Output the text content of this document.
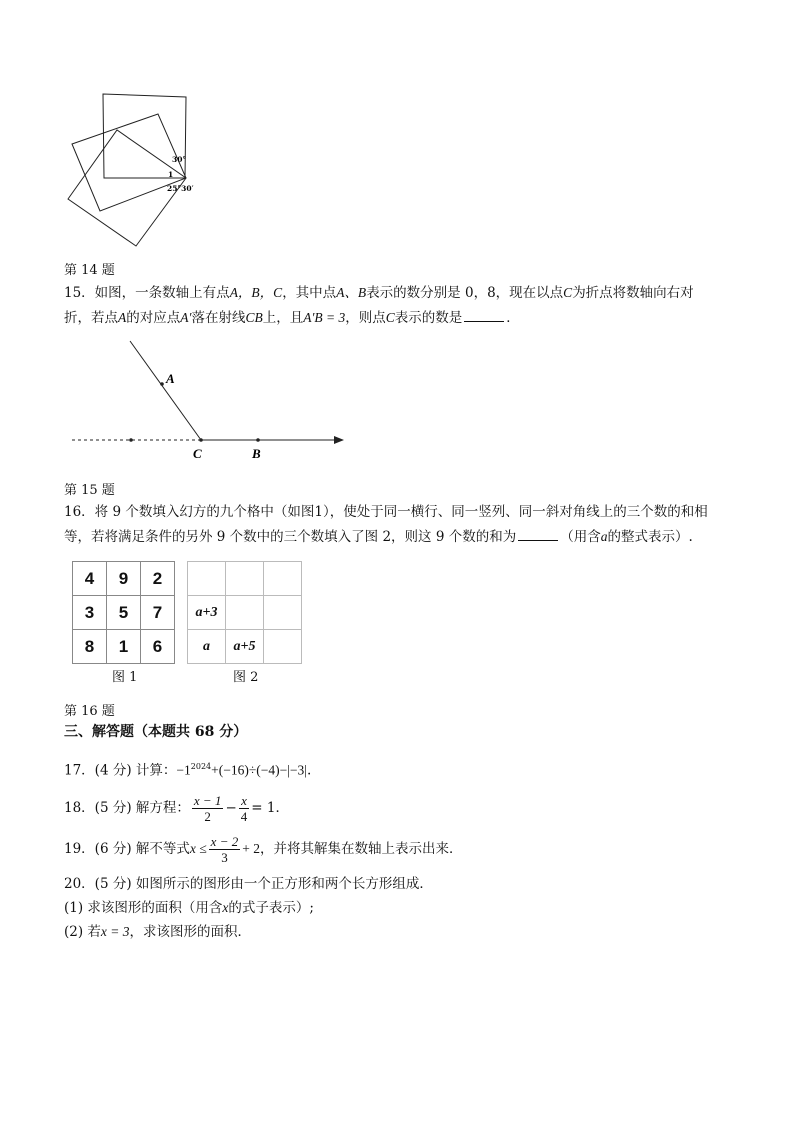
30°
1
25°30′
第 14 题
15．如图，一条数轴上有点A，B，C，其中点A、B表示的数分别是 0，8，现在以点C为折点将数轴向右对
折，若点A的对应点A′落在射线CB上，且A′B = 3，则点C表示的数是	．
A
C	B
第 15 题
16．将 9 个数填入幻方的九个格中（如图1），使处于同一横行、同一竖列、同一斜对角线上的三个数的和相
等，若将满足条件的另外 9 个数中的三个数填入了图 2，则这 9 个数的和为	（用含a的整式表示）.
4	9	2
3	5	7
8	1	6
图 1

a+3		
a	a+5	
图 2
第 16 题
三、解答题（本题共 68 分）
17．(4 分) 计算：$-1^{2024}+(-16)\div(-4)-|-3|$.
18．(5 分) 解方程： $\frac{x - 1}{2} - \frac{x}{4} = 1$．
19．(6 分) 解不等式$x \le \frac{x - 2}{3} + 2$，并将其解集在数轴上表示出来．
20．(5 分) 如图所示的图形由一个正方形和两个长方形组成．
(1) 求该图形的面积（用含x的式子表示）;
(2) 若x = 3，求该图形的面积．
